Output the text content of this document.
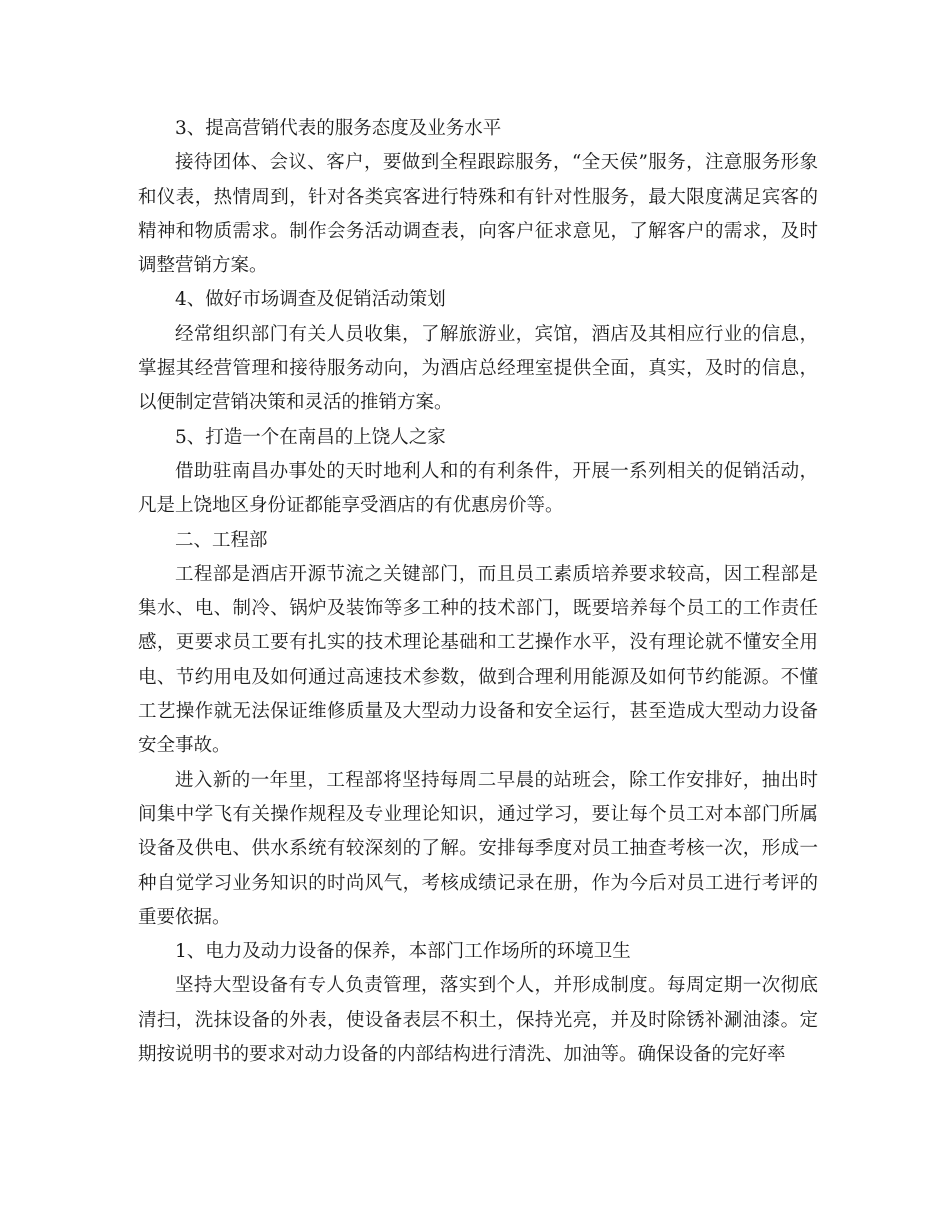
3、提高营销代表的服务态度及业务水平

接待团体、会议、客户，要做到全程跟踪服务，“全天侯”服务，注意服务形象和仪表，热情周到，针对各类宾客进行特殊和有针对性服务，最大限度满足宾客的精神和物质需求。制作会务活动调查表，向客户征求意见，了解客户的需求，及时调整营销方案。

4、做好市场调查及促销活动策划

经常组织部门有关人员收集，了解旅游业，宾馆，酒店及其相应行业的信息，掌握其经营管理和接待服务动向，为酒店总经理室提供全面，真实，及时的信息，以便制定营销决策和灵活的推销方案。

5、打造一个在南昌的上饶人之家

借助驻南昌办事处的天时地利人和的有利条件，开展一系列相关的促销活动，凡是上饶地区身份证都能享受酒店的有优惠房价等。

二、工程部

工程部是酒店开源节流之关键部门，而且员工素质培养要求较高，因工程部是集水、电、制冷、锅炉及装饰等多工种的技术部门，既要培养每个员工的工作责任感，更要求员工要有扎实的技术理论基础和工艺操作水平，没有理论就不懂安全用电、节约用电及如何通过高速技术参数，做到合理利用能源及如何节约能源。不懂工艺操作就无法保证维修质量及大型动力设备和安全运行，甚至造成大型动力设备安全事故。

进入新的一年里，工程部将坚持每周二早晨的站班会，除工作安排好，抽出时间集中学飞有关操作规程及专业理论知识，通过学习，要让每个员工对本部门所属设备及供电、供水系统有较深刻的了解。安排每季度对员工抽查考核一次，形成一种自觉学习业务知识的时尚风气，考核成绩记录在册，作为今后对员工进行考评的重要依据。

1、电力及动力设备的保养，本部门工作场所的环境卫生

坚持大型设备有专人负责管理，落实到个人，并形成制度。每周定期一次彻底清扫，洗抹设备的外表，使设备表层不积土，保持光亮，并及时除锈补涮油漆。定期按说明书的要求对动力设备的内部结构进行清洗、加油等。确保设备的完好率
